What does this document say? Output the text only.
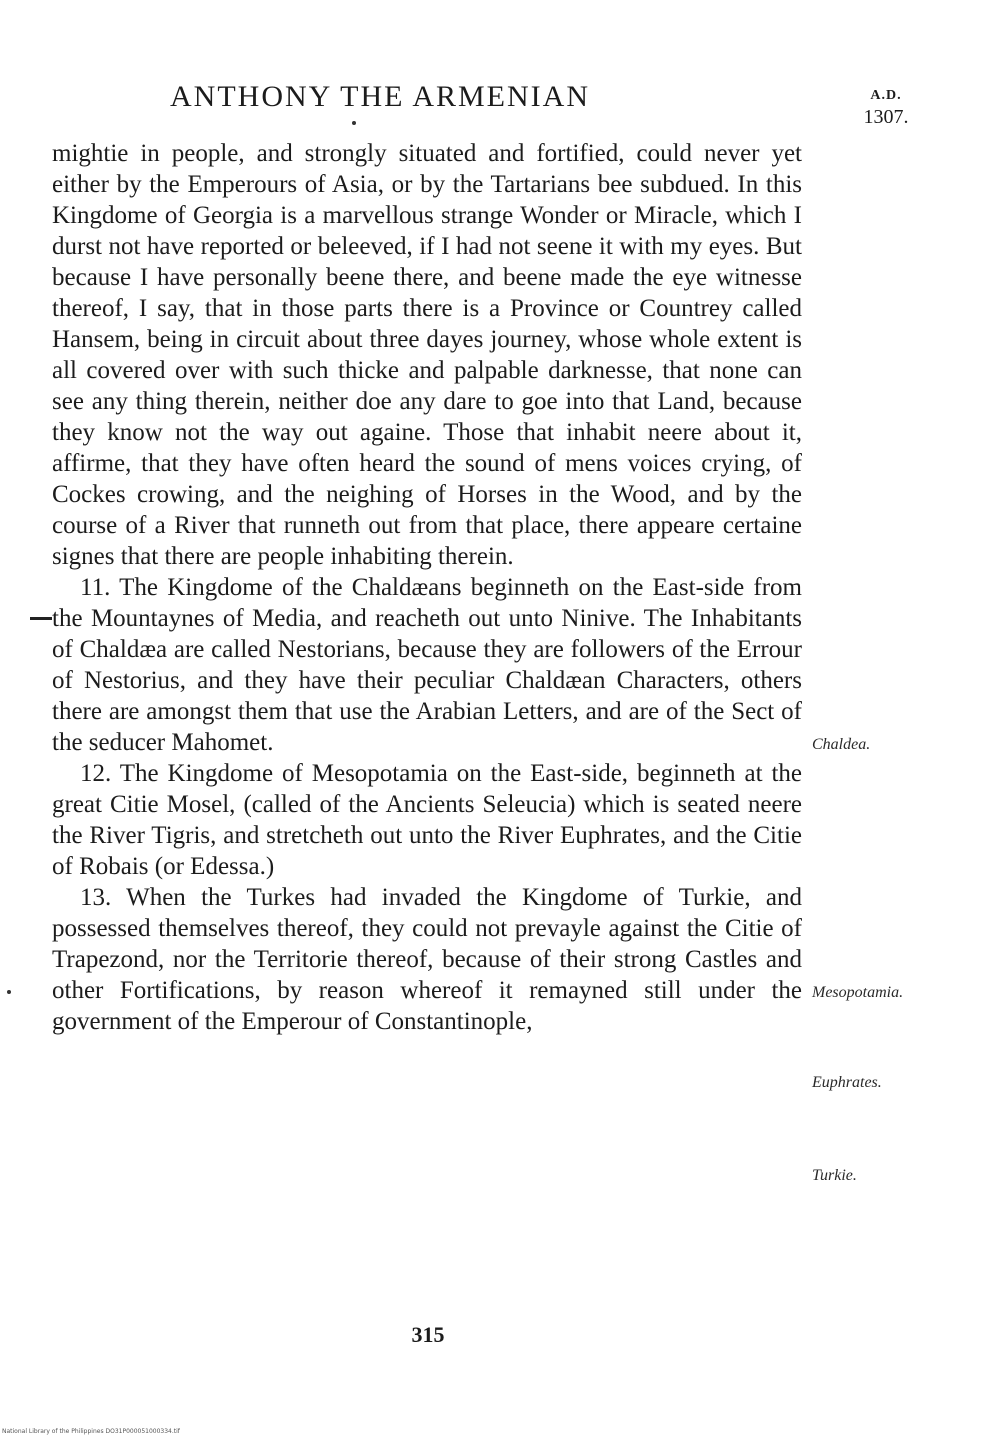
ANTHONY THE ARMENIAN	A.D.
1307.

mightie in people, and strongly situated and fortified, could never yet either by the Emperours of Asia, or by the Tartarians bee subdued. In this Kingdome of Georgia is a marvellous strange Wonder or Miracle, which I durst not have reported or beleeved, if I had not seene it with my eyes. But because I have personally beene there, and beene made the eye witnesse thereof, I say, that in those parts there is a Province or Countrey called Hansem, being in circuit about three dayes journey, whose whole extent is all covered over with such thicke and palpable darknesse, that none can see any thing therein, neither doe any dare to goe into that Land, because they know not the way out againe. Those that inhabit neere about it, affirme, that they have often heard the sound of mens voices crying, of Cockes crowing, and the neighing of Horses in the Wood, and by the course of a River that runneth out from that place, there appeare certaine signes that there are people inhabiting therein.

11. The Kingdome of the Chaldæans beginneth on the East-side from the Mountaynes of Media, and reacheth out unto Ninive. The Inhabitants of Chaldæa are called Nestorians, because they are followers of the Errour of Nestorius, and they have their peculiar Chaldæan Characters, others there are amongst them that use the Arabian Letters, and are of the Sect of the seducer Mahomet.

12. The Kingdome of Mesopotamia on the East-side, beginneth at the great Citie Mosel, (called of the Ancients Seleucia) which is seated neere the River Tigris, and stretcheth out unto the River Euphrates, and the Citie of Robais (or Edessa.)

13. When the Turkes had invaded the Kingdome of Turkie, and possessed themselves thereof, they could not prevayle against the Citie of Trapezond, nor the Territorie thereof, because of their strong Castles and other Fortifications, by reason whereof it remayned still under the government of the Emperour of Constantinople,

Chaldea.
Mesopotamia.
Euphrates.
Turkie.
315
National Library of the Philippines DO31P000051000334.tif
